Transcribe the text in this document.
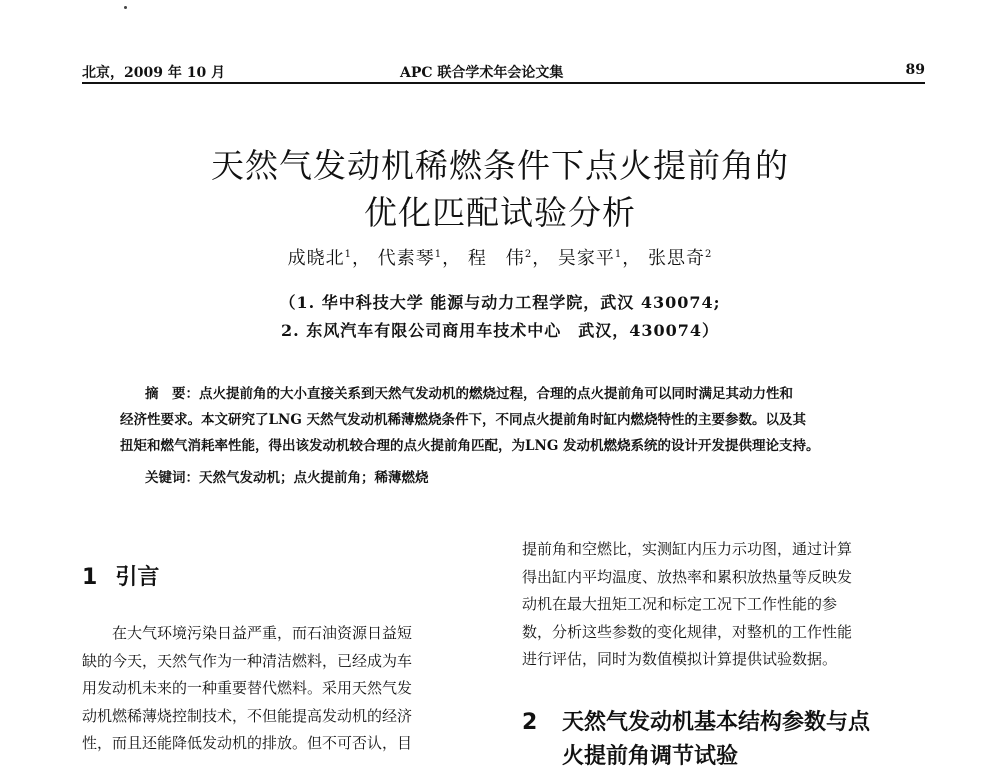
北京，2009 年 10 月	APC 联合学术年会论文集	89
天然气发动机稀燃条件下点火提前角的
优化匹配试验分析
成晓北$^1$， 代素琴$^1$， 程　伟$^2$， 吴家平$^1$， 张思奇$^2$
（1. 华中科技大学 能源与动力工程学院，武汉 430074;
2. 东风汽车有限公司商用车技术中心　武汉，430074）
摘　要：点火提前角的大小直接关系到天然气发动机的燃烧过程，合理的点火提前角可以同时满足其动力性和
经济性要求。本文研究了LNG 天然气发动机稀薄燃烧条件下，不同点火提前角时缸内燃烧特性的主要参数。以及其
扭矩和燃气消耗率性能，得出该发动机较合理的点火提前角匹配，为LNG 发动机燃烧系统的设计开发提供理论支持。
关键词：天然气发动机；点火提前角；稀薄燃烧
1 引言

在大气环境污染日益严重，而石油资源日益短

缺的今天，天然气作为一种清洁燃料，已经成为车

用发动机未来的一种重要替代燃料。采用天然气发

动机燃稀薄烧控制技术，不但能提高发动机的经济

性，而且还能降低发动机的排放。但不可否认，目

提前角和空燃比，实测缸内压力示功图，通过计算

得出缸内平均温度、放热率和累积放热量等反映发

动机在最大扭矩工况和标定工况下工作性能的参

数，分析这些参数的变化规律，对整机的工作性能

进行评估，同时为数值模拟计算提供试验数据。

2 天然气发动机基本结构参数与点
火提前角调节试验
